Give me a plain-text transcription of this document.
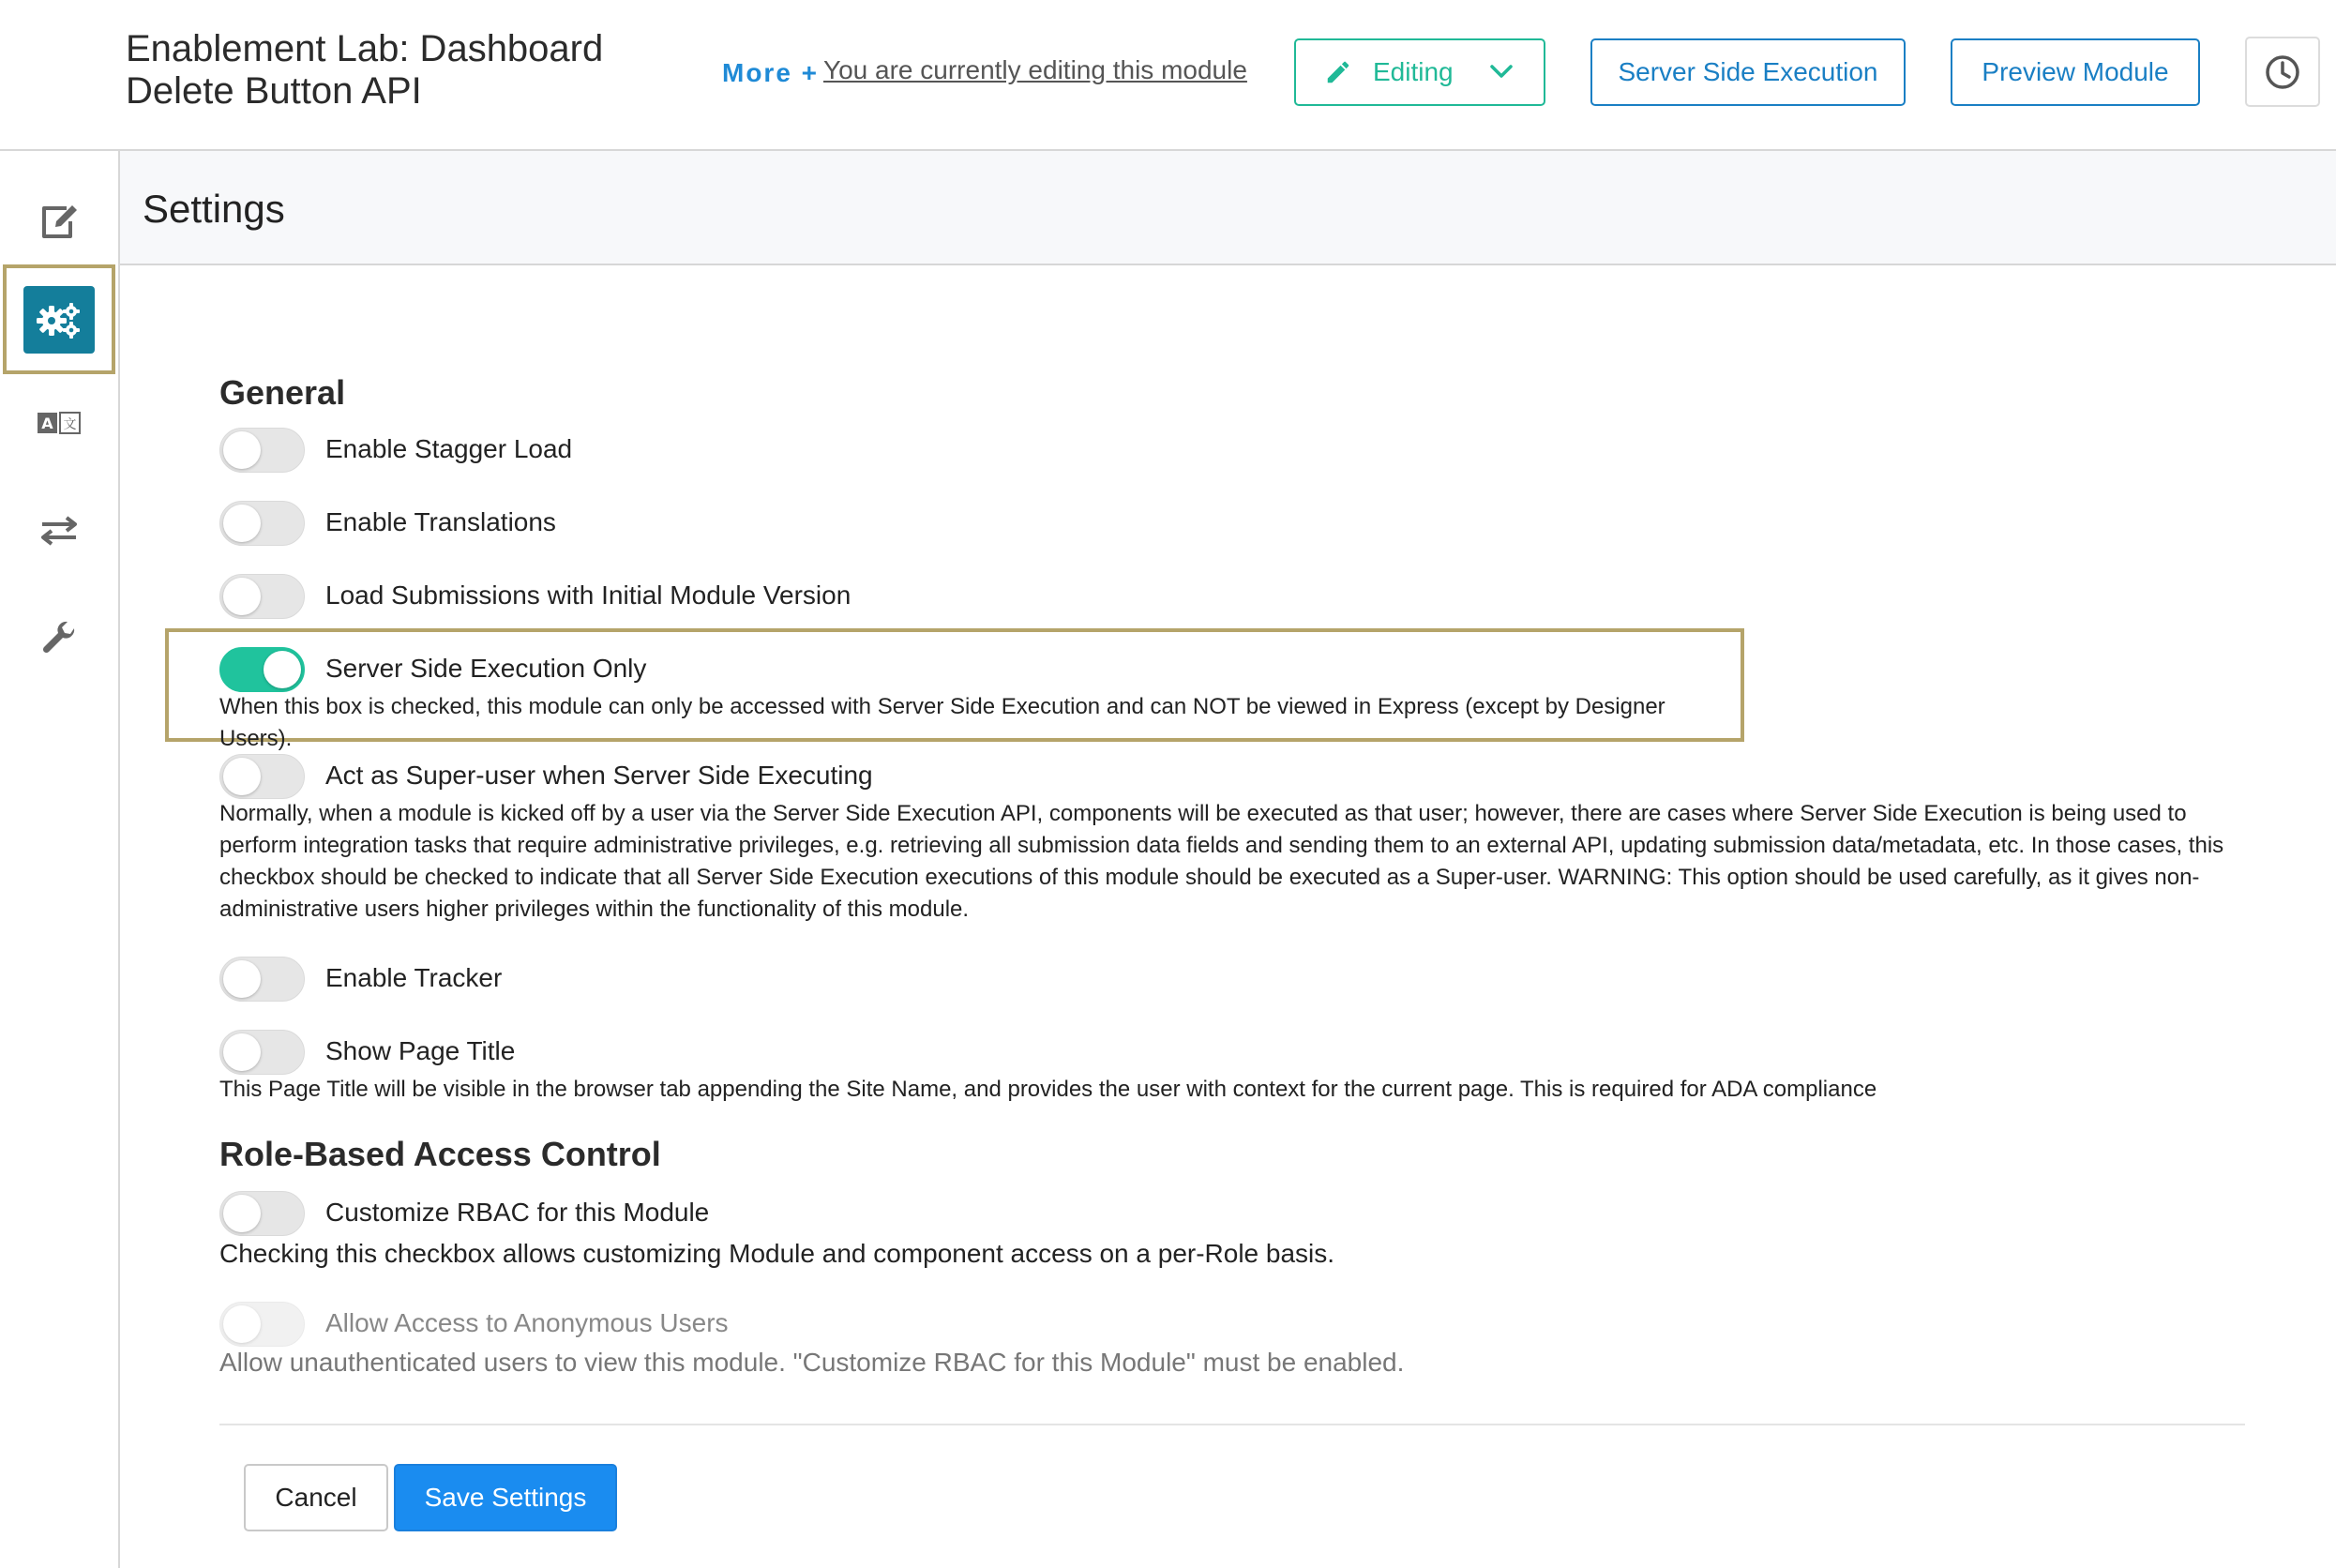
Enablement Lab: Dashboard Delete Button API	More + You are currently editing this module	Editing	Server Side Execution	Preview Module
A 文
Settings
General
Enable Stagger Load
Enable Translations
Load Submissions with Initial Module Version
Server Side Execution Only
When this box is checked, this module can only be accessed with Server Side Execution and can NOT be viewed in Express (except by Designer Users).
Act as Super-user when Server Side Executing
Normally, when a module is kicked off by a user via the Server Side Execution API, components will be executed as that user; however, there are cases where Server Side Execution is being used to perform integration tasks that require administrative privileges, e.g. retrieving all submission data fields and sending them to an external API, updating submission data/metadata, etc. In those cases, this checkbox should be checked to indicate that all Server Side Execution executions of this module should be executed as a Super-user. WARNING: This option should be used carefully, as it gives non-administrative users higher privileges within the functionality of this module.
Enable Tracker
Show Page Title
This Page Title will be visible in the browser tab appending the Site Name, and provides the user with context for the current page. This is required for ADA compliance
Role-Based Access Control
Customize RBAC for this Module
Checking this checkbox allows customizing Module and component access on a per-Role basis.
Allow Access to Anonymous Users
Allow unauthenticated users to view this module. "Customize RBAC for this Module" must be enabled.
Cancel	Save Settings
